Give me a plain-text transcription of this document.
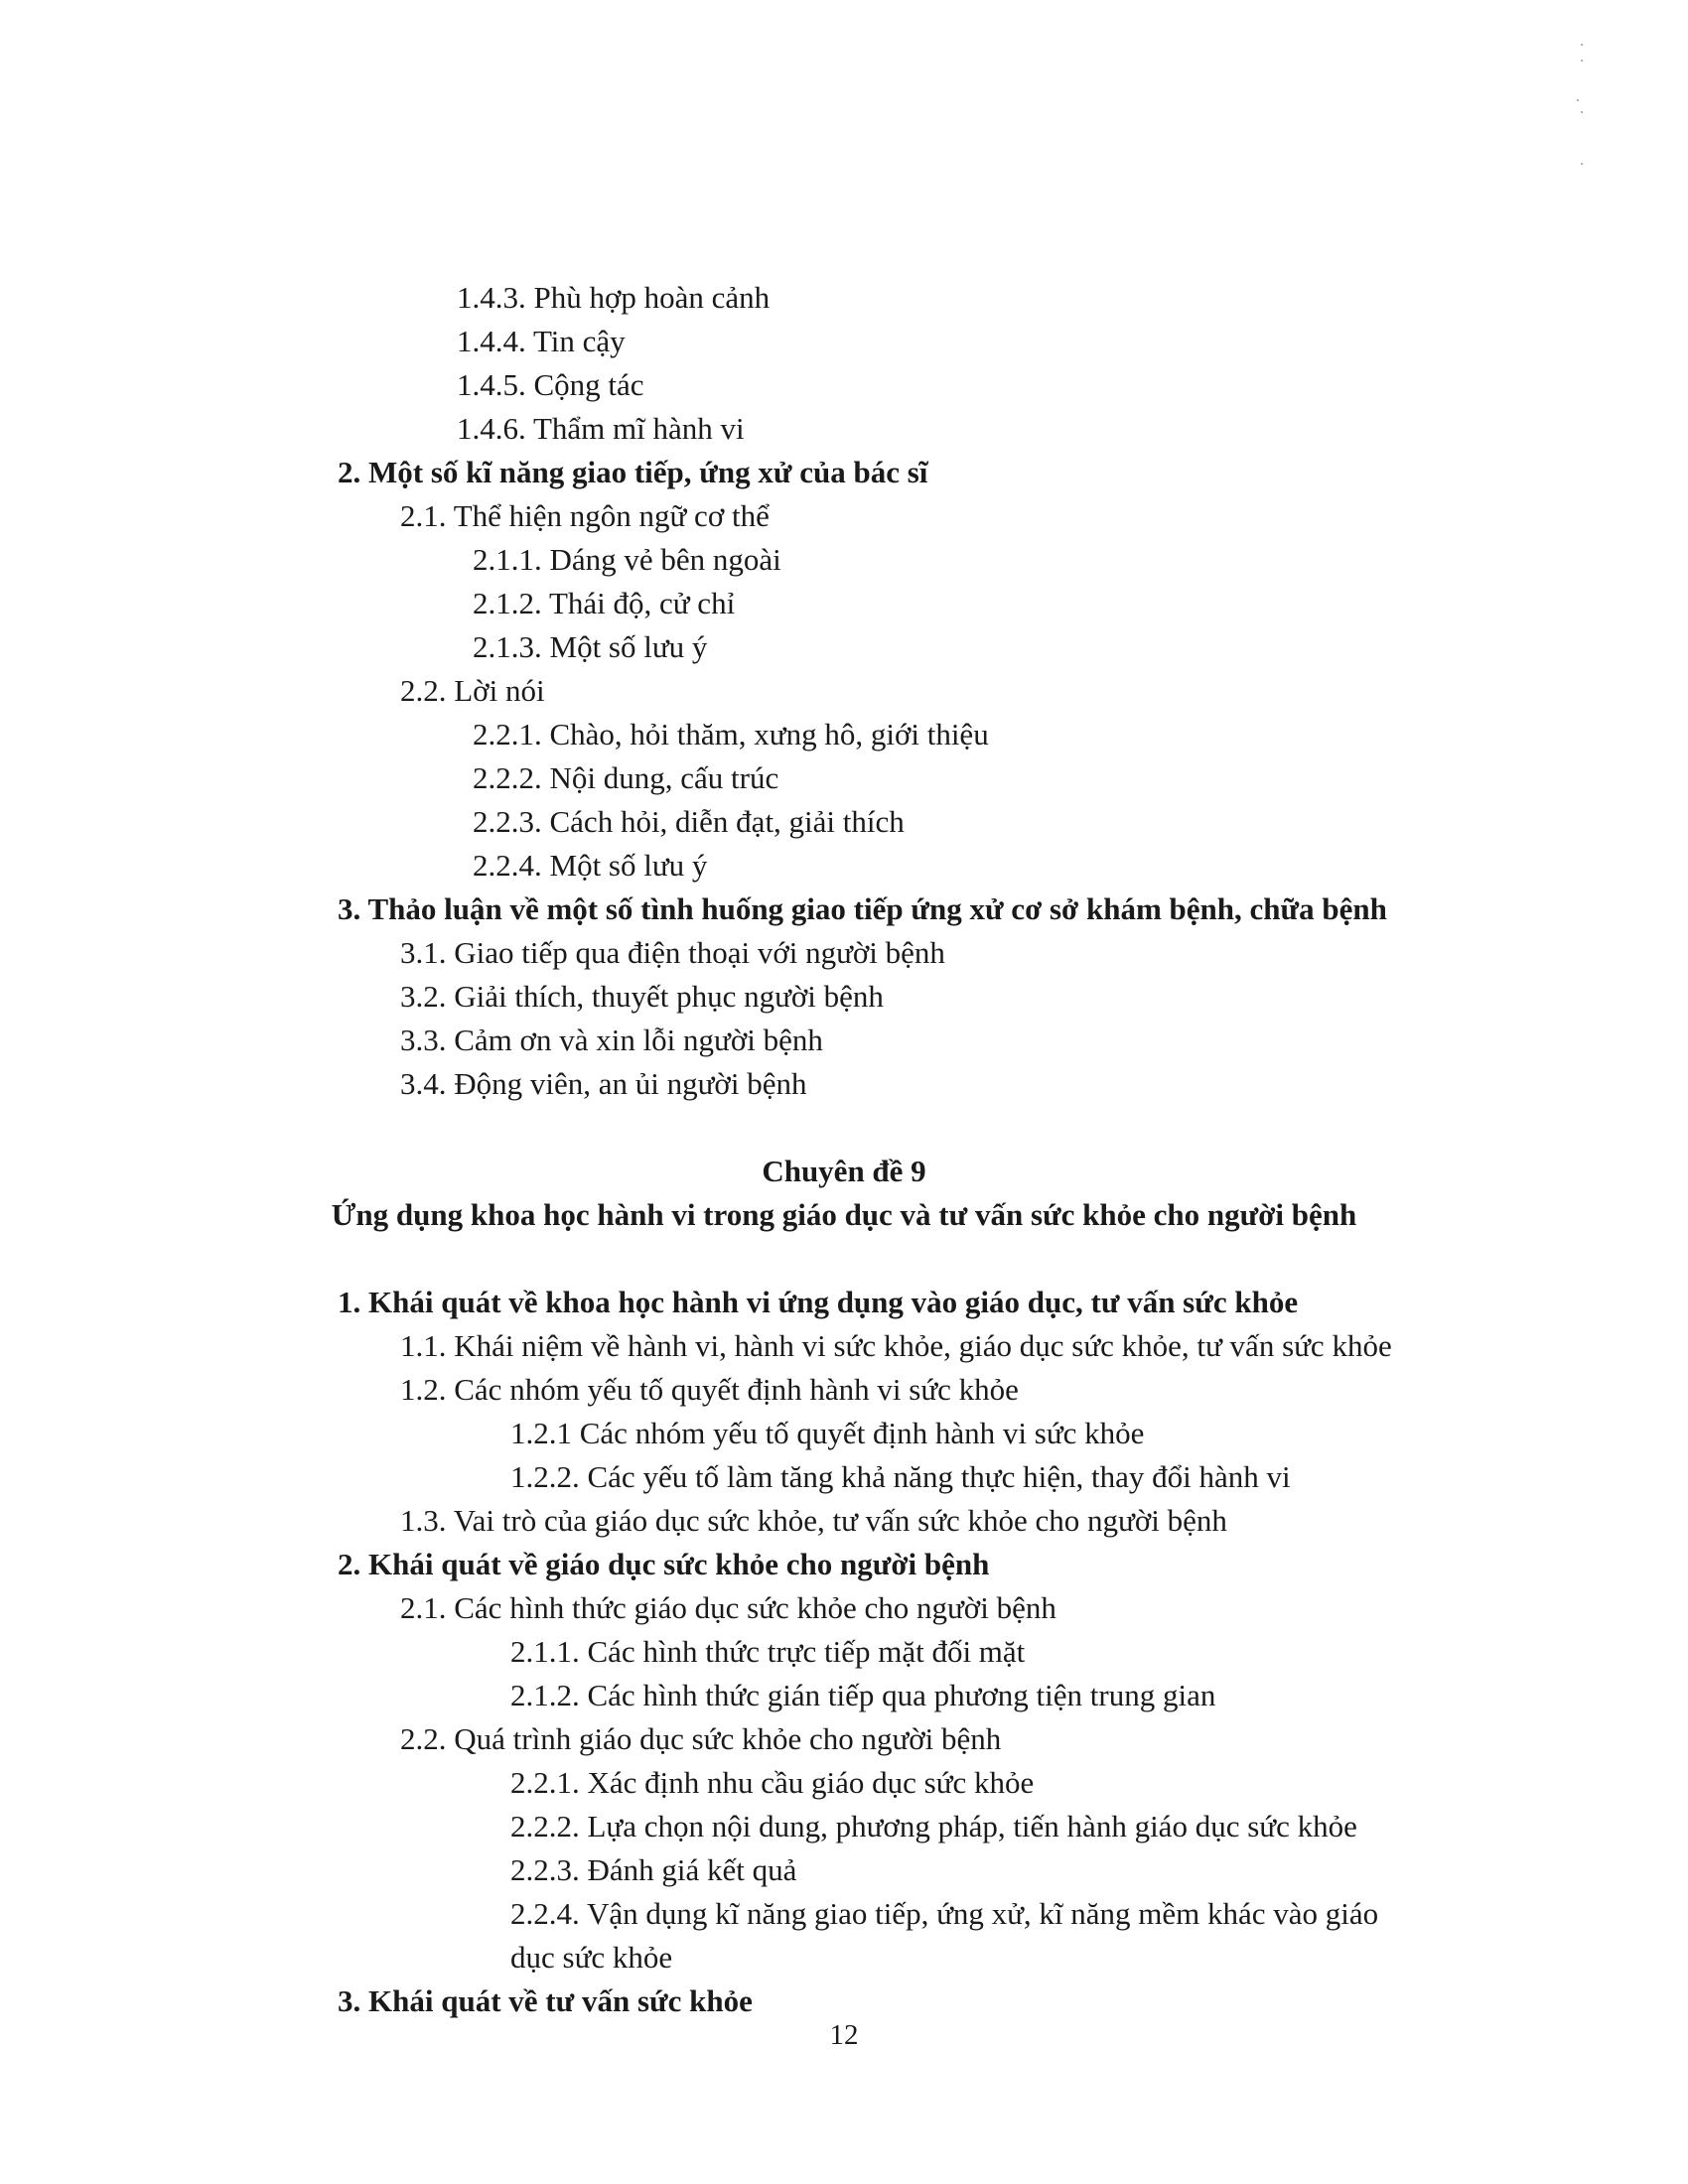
1.4.3. Phù hợp hoàn cảnh
1.4.4. Tin cậy
1.4.5. Cộng tác
1.4.6. Thẩm mĩ hành vi
2. Một số kĩ năng giao tiếp, ứng xử của bác sĩ
2.1. Thể hiện ngôn ngữ cơ thể
2.1.1. Dáng vẻ bên ngoài
2.1.2. Thái độ, cử chỉ
2.1.3. Một số lưu ý
2.2. Lời nói
2.2.1. Chào, hỏi thăm, xưng hô, giới thiệu
2.2.2. Nội dung, cấu trúc
2.2.3. Cách hỏi, diễn đạt, giải thích
2.2.4. Một số lưu ý
3. Thảo luận về một số tình huống giao tiếp ứng xử cơ sở khám bệnh, chữa bệnh
3.1. Giao tiếp qua điện thoại với người bệnh
3.2. Giải thích, thuyết phục người bệnh
3.3. Cảm ơn và xin lỗi người bệnh
3.4. Động viên, an ủi người bệnh
Chuyên đề 9
Ứng dụng khoa học hành vi trong giáo dục và tư vấn sức khỏe cho người bệnh
1. Khái quát về khoa học hành vi ứng dụng vào giáo dục, tư vấn sức khỏe
1.1. Khái niệm về hành vi, hành vi sức khỏe, giáo dục sức khỏe, tư vấn sức khỏe
1.2. Các nhóm yếu tố quyết định hành vi sức khỏe
1.2.1 Các nhóm yếu tố quyết định hành vi sức khỏe
1.2.2. Các yếu tố làm tăng khả năng thực hiện, thay đổi hành vi
1.3. Vai trò của giáo dục sức khỏe, tư vấn sức khỏe cho người bệnh
2. Khái quát về giáo dục sức khỏe cho người bệnh
2.1. Các hình thức giáo dục sức khỏe cho người bệnh
2.1.1. Các hình thức trực tiếp mặt đối mặt
2.1.2. Các hình thức gián tiếp qua phương tiện trung gian
2.2. Quá trình giáo dục sức khỏe cho người bệnh
2.2.1. Xác định nhu cầu giáo dục sức khỏe
2.2.2. Lựa chọn nội dung, phương pháp, tiến hành giáo dục sức khỏe
2.2.3. Đánh giá kết quả
2.2.4. Vận dụng kĩ năng giao tiếp, ứng xử, kĩ năng mềm khác vào giáo
dục sức khỏe
3. Khái quát về tư vấn sức khỏe
12
